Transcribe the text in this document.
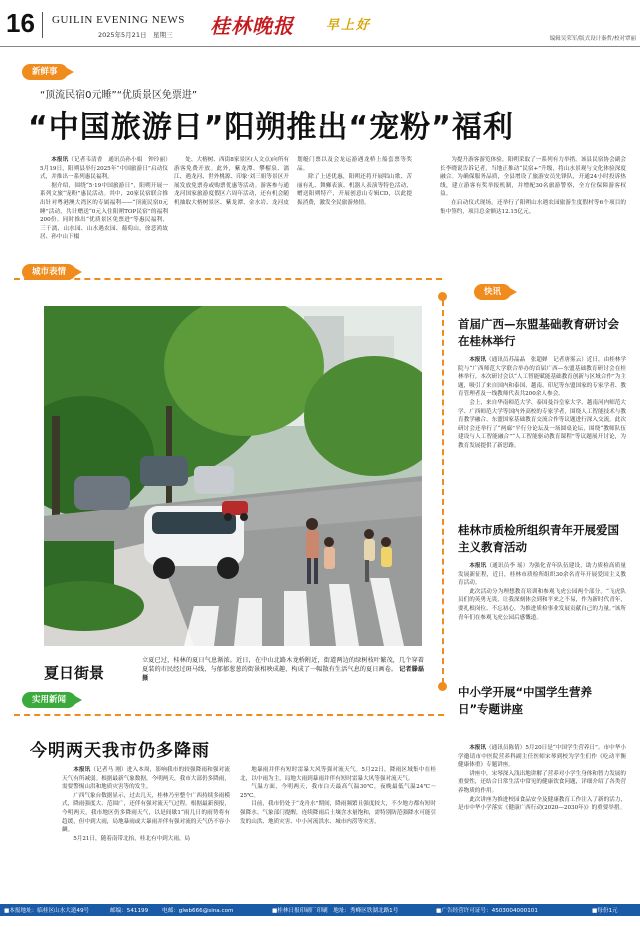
16 GUILIN EVENING NEWS
2025年5月21日　星期三 桂林晚报 早上好
编辑吴荣军/版式设计秦哲/校对覃丽
新鲜事
“顶流民宿0元睡”“优质景区免票进”
“中国旅游日”阳朔推出“宠粉”福利

本报讯（记者韦清香　通讯员孙小娟　钟玲丽）5月19日，阳朔县举行2025年“中国旅游日”启动仪式，并推出一系列惠民福利。

据介绍，围绕“5·19中国旅游日”，阳朔开展一系列文旅“宠粉”惠民活动。其中，20家民宿联合推出针对粤港澳大湾区的专属福利——“顶流民宿0元睡”活动，共计赠送“0元入住阳朔TOP民宿”的福利200份。同时推出“优质景区免票进”等惠民福利，三千漓、山水园、山水遇农园、葡萄山、徐悲鸿故居、孙中山下榻

处、大榕树、西街8家景区(人文点)向所有游客免费开放。此外，紫龙潭、攀榴泉、漓江、遇龙河、世外桃源、印象·刘三姐等景区开展发放免票券或购票优惠等活动。游客参与通龙河国家旅游度假区六周年活动，还有机会随机抽取大榕树景区、紫龙潭、金水岩、龙河皮划艇门票以及会龙运游遇龙桥上船套票等奖品。

除了上述优惠，阳朔还将开展唱山歌、苦丽有礼、舞狮表演、机器人表演等特色活动，赠送阳朔特产，开展创意山专辑CD，以此提振消费，激发全民旅游热情。

为提升游客游览体验，阳朔采取了一系列有力举措。该县民宿协会副会长李晓说告诉记者，当地正推动“民宿+”升级，将山水景观与文化体验深度融合。为确保服务品质，全县增设了旅游安员先锋队，开通24小时投诉热线，建立游客有奖举报机制，并增配30名旅游警察，全方位保障游客权益。

在启动仪式现场，还举行了阳朔山水遇农园旅游生度假村等6个项目的集中签约，项目总金额达12.15亿元。

城市表情
夏日街景
立夏已过，桂林的夏日气息渐浓。近日，在中山北路木龙桥附近，街道两边的绿树枝叶繁茂，几个穿着夏装的市民经过斑马线，与郁郁葱葱的街景相映成趣，构成了一幅散有生活气息的夏日画卷。 记者滕磊　摄
实用新闻
今明两天我市仍多降雨

本报讯（记者马 刚）进入本周，影响我市的较强降雨和强对流天气有所减弱。根据最新气象数据，今明两天，我市大部仍多降雨，需要警惕山洪和地质灾害等的发生。

广西气象台数据显示，过去几天，桂林乃至整个广西持续多雨模式，降雨强度大、范围广，还伴有强对流天气过程。根据最新预报，今明两天，我市地区仍多降雨天气，以是间歇1“雨几日的雨势将有趋缓，但中到大雨，局地暴雨或大暴雨并伴有强对流的天气仍不容小觑。

5月21日，随着南带北抬，桂北有中到大雨，局

地暴雨并伴有短时雷暴大风等强对流天气。5月22日，降雨区域集中在桂北，以中雨为主，局地大雨到暴雨并伴有短时雷暴大风等强对流天气。

气温方面，今明两天，我市白天最高气温30℃，夜晚最低气温24℃～25℃。

目前，我市仍处于“龙舟水”期间，降雨频繁且强度较大，不少地方都有短时强降水。气象部门提醒，连续降雨后土壤含水量饱和，需特别防范强降水可能引发的山洪、地质灾害、中小河流洪水、城市内涝等灾害。

快讯
首届广西—东盟基础教育研讨会在桂林举行

本报讯（通讯员苏晶晶　张超婵　记者唐雾云）近日，由桂林学院与“广西师范大学联合举办的首届广西—东盟基础教育研讨会在桂林举行。本次研讨会以“人工智能赋能基础教育创新与区域合作”为主题，吸引了来自国内和泰国、越南、印尼等东盟国家的专家学者、教育管理者及一线教师代表共200余人参会。

会上，来自华南师范大学、泰国曼谷皇家大学、越南河内师范大学、广西师范大学等国内外高校的专家学者，围绕人工智能技术与教育教学融合、东盟国家基础教育交流合作等议题进行深入交流。此次研讨会还举行了“两廊”平行分论坛及一场圆桌论坛，围绕“教师队伍建设与人工智能融合”“人工智能驱动教育课程”等议题展开讨论，为教育发展提供了新思路。

桂林市质检所组织青年开展爱国主义教育活动

本报讯（通讯员李 瑶）为强化青年队伍建设，助力质检高质量发展新征程，近日，桂林市质检所组织30余名青年开展爱国主义教育活动。

此次活动分为理想教育培训和参观飞虎公园两个部分。“飞虎队员们的英勇无畏，让我深刻体会到和平来之不易，作为新时代青年，要扎根岗位、不忘初心，为推进质检事业发展贡献自己的力量。”该所青年们在参观飞虎公园后感慨道。

中小学开展“中国学生营养日”专题讲座

本报讯（通讯员陈倩）5月20日是“中国学生营养日”。市中华小学邀请市中医院营养科副主任医师宋琴到校为学生们作《吃动平衡 健康体重》专题讲座。

讲座中，宋琴深入浅出地讲解了营养对小学生身体和智力发展的重要性，还结合日常生活中常见的健康饮食问题，详细介绍了各类营养物质的作用。

此次讲座为推进校园食品安全及健康教育工作注入了新的活力，是市中华小学落实《健康广西行动(2020—2030年)》的重要举措。

■本报地址：临桂区山水大道49号	邮编：541199 电邮：glwb666@sina.com	■桂林日报印刷厂印刷　地址：秀峰区铁湖北路1号	■广告经营许可证号：4503004000101	■每份1元
